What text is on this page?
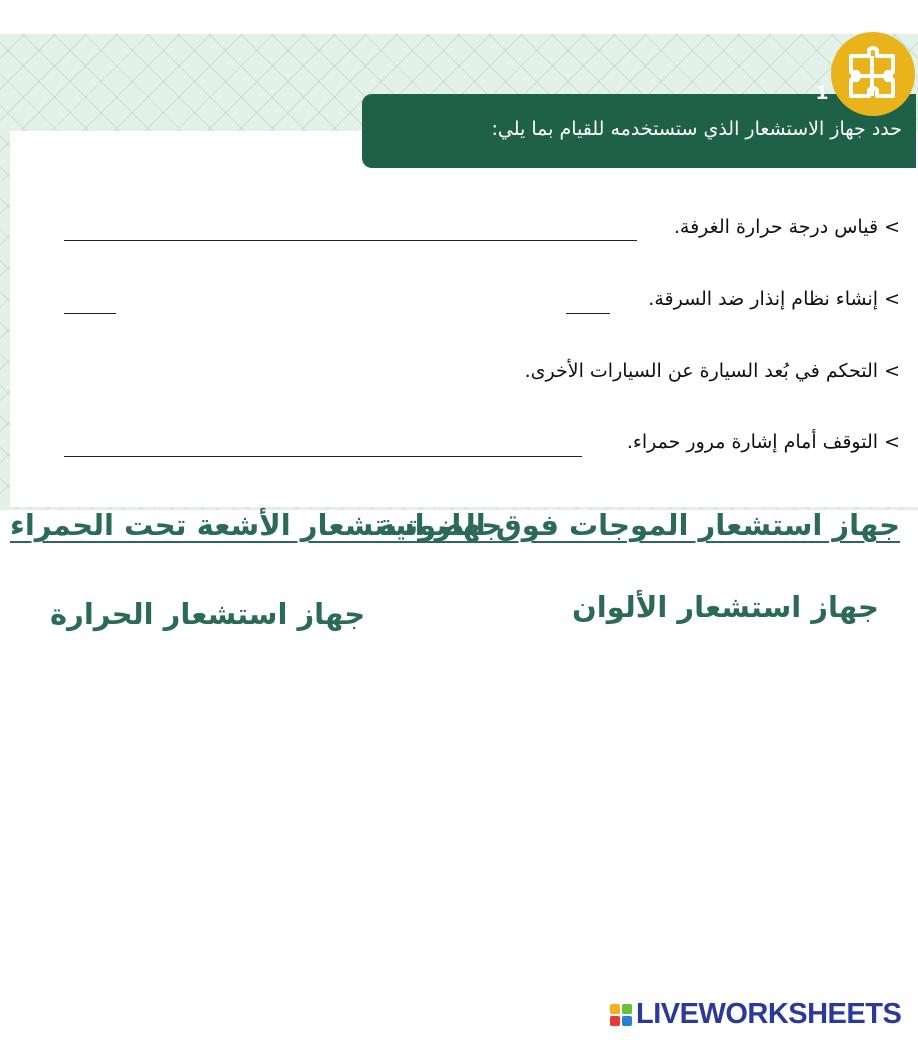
حدد جهاز الاستشعار الذي ستستخدمه للقيام بما يلي:
1
> قياس درجة حرارة الغرفة.
> إنشاء نظام إنذار ضد السرقة.
> التحكم في بُعد السيارة عن السيارات الأخرى.
> التوقف أمام إشارة مرور حمراء.
جهاز استشعار الموجات فوق الصوتية
جهاز استشعار الأشعة تحت الحمراء
جهاز استشعار الألوان
جهاز استشعار الحرارة
LIVEWORKSHEETS
